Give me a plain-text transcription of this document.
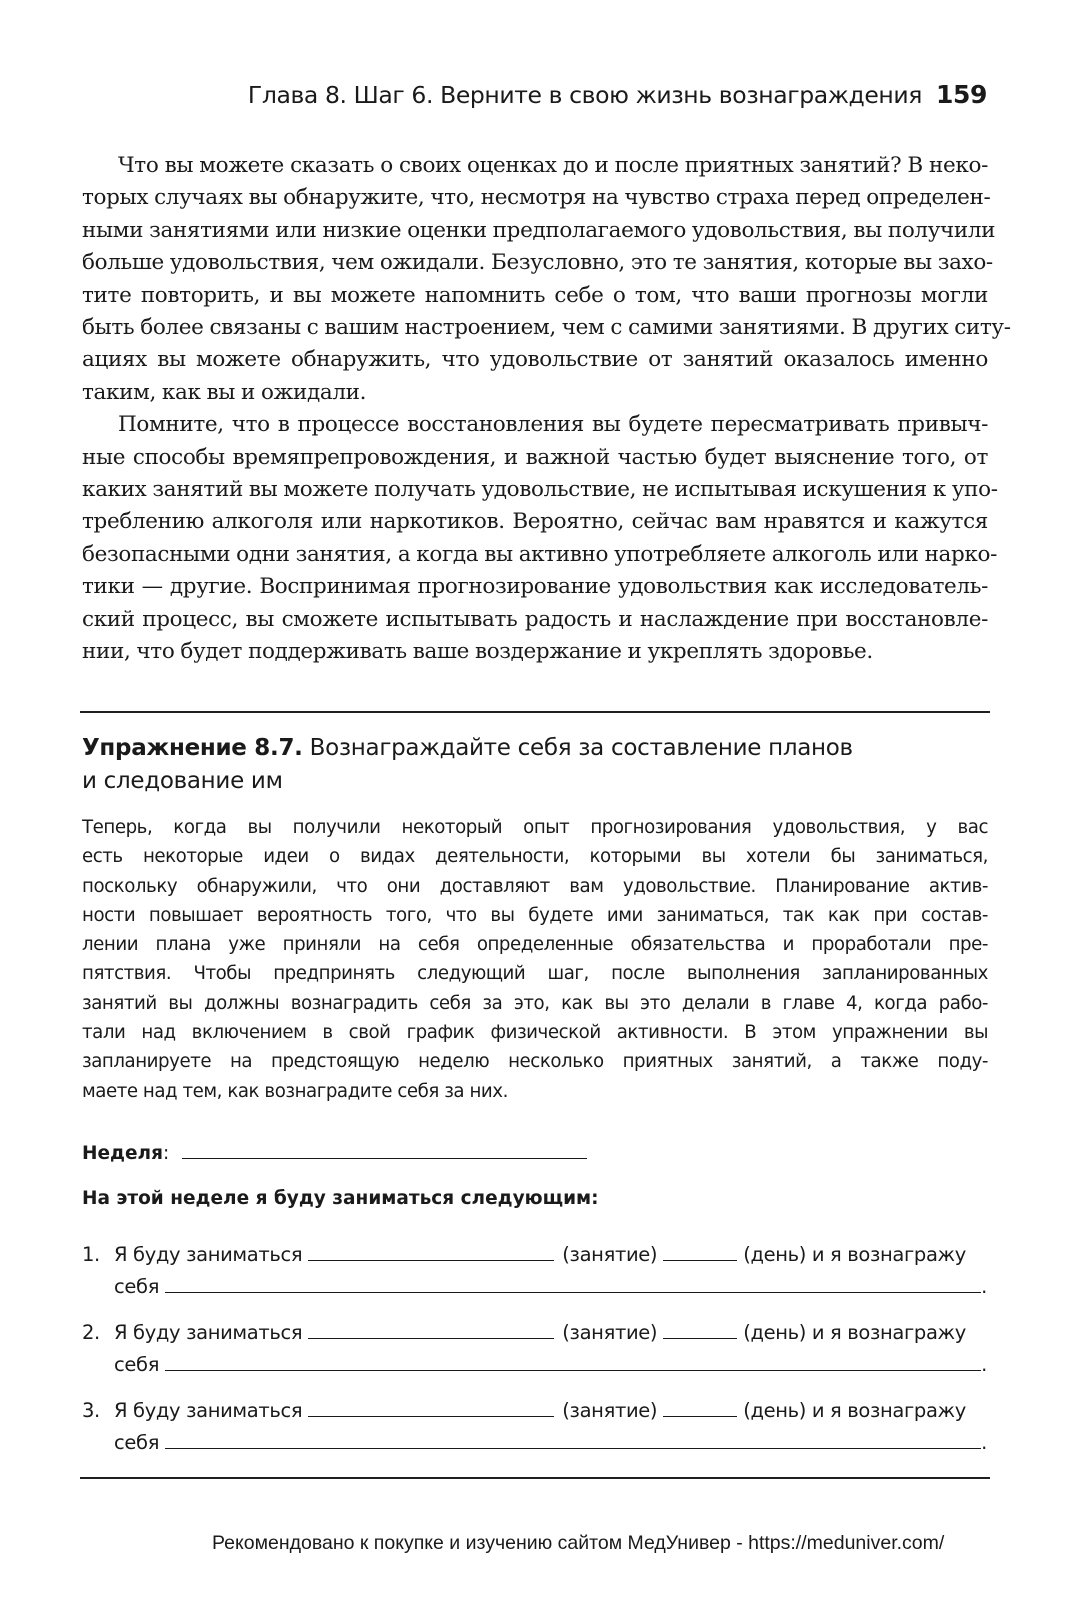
Глава 8. Шаг 6. Верните в свою жизнь вознаграждения 159
Что вы можете сказать о своих оценках до и после приятных занятий? В неко-
торых случаях вы обнаружите, что, несмотря на чувство страха перед определен-
ными занятиями или низкие оценки предполагаемого удовольствия, вы получили
больше удовольствия, чем ожидали. Безусловно, это те занятия, которые вы захо-
тите повторить, и вы можете напомнить себе о том, что ваши прогнозы могли
быть более связаны с вашим настроением, чем с самими занятиями. В других ситу-
ациях вы можете обнаружить, что удовольствие от занятий оказалось именно
таким, как вы и ожидали.
Помните, что в процессе восстановления вы будете пересматривать привыч-
ные способы времяпрепровождения, и важной частью будет выяснение того, от
каких занятий вы можете получать удовольствие, не испытывая искушения к упо-
треблению алкоголя или наркотиков. Вероятно, сейчас вам нравятся и кажутся
безопасными одни занятия, а когда вы активно употребляете алкоголь или нарко-
тики — другие. Воспринимая прогнозирование удовольствия как исследователь-
ский процесс, вы сможете испытывать радость и наслаждение при восстановле-
нии, что будет поддерживать ваше воздержание и укреплять здоровье.
Упражнение 8.7. Вознаграждайте себя за составление планов
и следование им
Теперь, когда вы получили некоторый опыт прогнозирования удовольствия, у вас
есть некоторые идеи о видах деятельности, которыми вы хотели бы заниматься,
поскольку обнаружили, что они доставляют вам удовольствие. Планирование актив-
ности повышает вероятность того, что вы будете ими заниматься, так как при состав-
лении плана уже приняли на себя определенные обязательства и проработали пре-
пятствия. Чтобы предпринять следующий шаг, после выполнения запланированных
занятий вы должны вознаградить себя за это, как вы это делали в главе 4, когда рабо-
тали над включением в свой график физической активности. В этом упражнении вы
запланируете на предстоящую неделю несколько приятных занятий, а также поду-
маете над тем, как вознаградите себя за них.
Неделя:
На этой неделе я буду заниматься следующим:
1. Я буду заниматься	(занятие)	(день) и я вознагражу
себя	.
2. Я буду заниматься	(занятие)	(день) и я вознагражу
себя	.
3. Я буду заниматься	(занятие)	(день) и я вознагражу
себя	.
Рекомендовано к покупке и изучению сайтом МедУнивер - https://meduniver.com/
